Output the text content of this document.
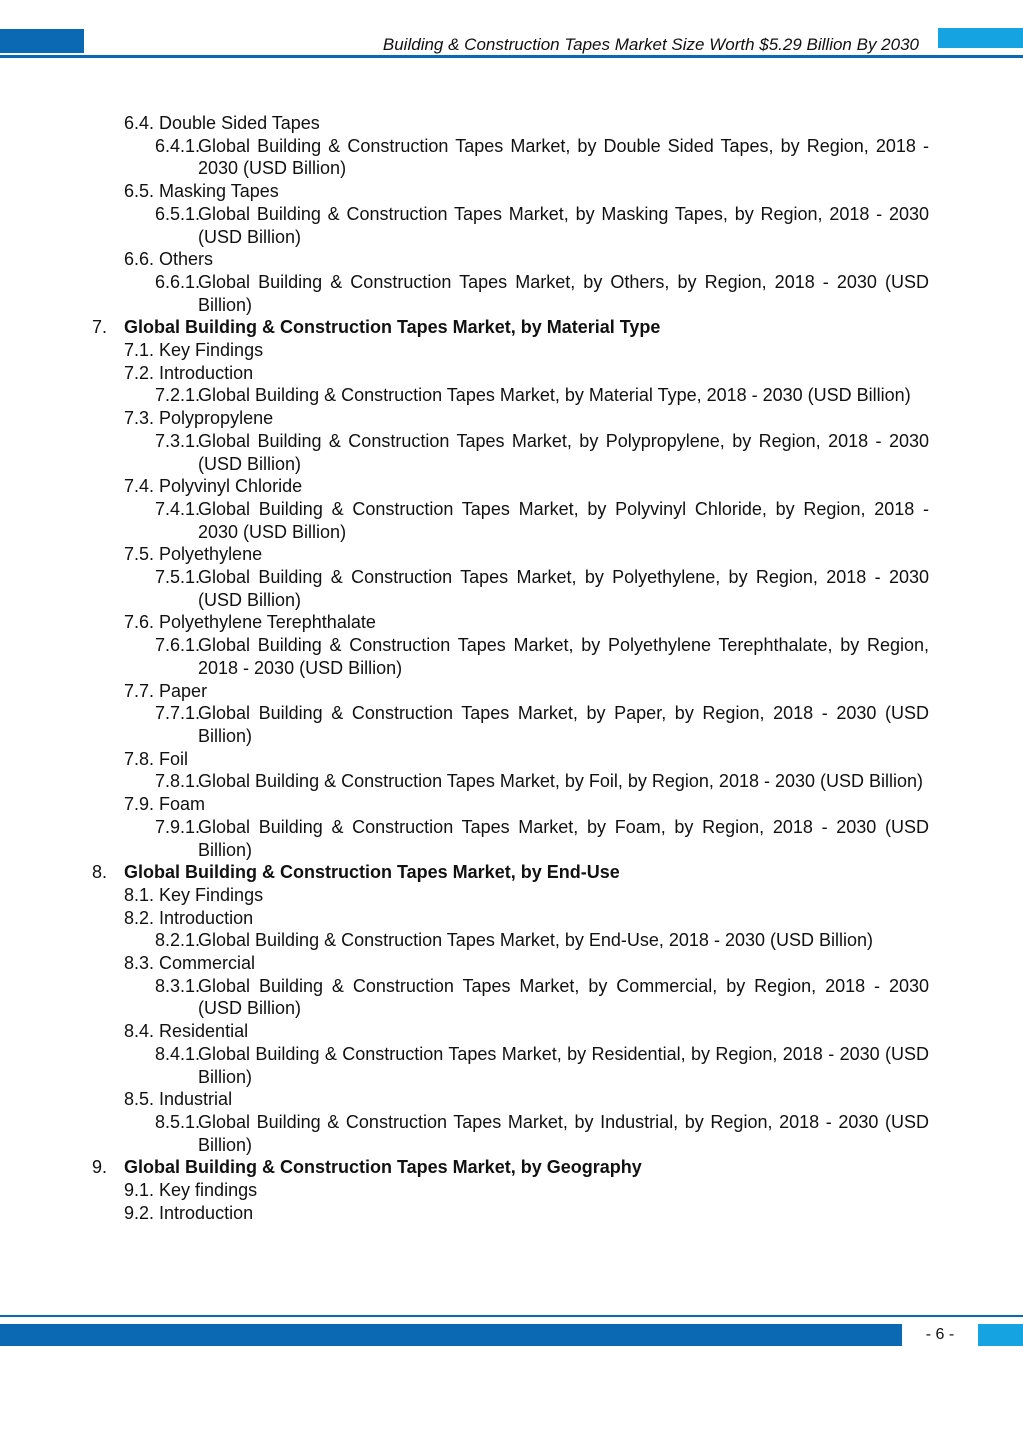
Building & Construction Tapes Market Size Worth $5.29 Billion By 2030
6.4. Double Sided Tapes
6.4.1.
Global Building & Construction Tapes Market, by Double Sided Tapes, by Region, 2018 - 2030 (USD Billion)
6.5. Masking Tapes
6.5.1.
Global Building & Construction Tapes Market, by Masking Tapes, by Region, 2018 - 2030 (USD Billion)
6.6. Others
6.6.1.
Global Building & Construction Tapes Market, by Others, by Region, 2018 - 2030 (USD Billion)
7. Global Building & Construction Tapes Market, by Material Type
7.1. Key Findings
7.2. Introduction
7.2.1.
Global Building & Construction Tapes Market, by Material Type, 2018 - 2030 (USD Billion)
7.3. Polypropylene
7.3.1.
Global Building & Construction Tapes Market, by Polypropylene, by Region, 2018 - 2030 (USD Billion)
7.4. Polyvinyl Chloride
7.4.1.
Global Building & Construction Tapes Market, by Polyvinyl Chloride, by Region, 2018 - 2030 (USD Billion)
7.5. Polyethylene
7.5.1.
Global Building & Construction Tapes Market, by Polyethylene, by Region, 2018 - 2030 (USD Billion)
7.6. Polyethylene Terephthalate
7.6.1.
Global Building & Construction Tapes Market, by Polyethylene Terephthalate, by Region, 2018 - 2030 (USD Billion)
7.7. Paper
7.7.1.
Global Building & Construction Tapes Market, by Paper, by Region, 2018 - 2030 (USD Billion)
7.8. Foil
7.8.1.
Global Building & Construction Tapes Market, by Foil, by Region, 2018 - 2030 (USD Billion)
7.9. Foam
7.9.1.
Global Building & Construction Tapes Market, by Foam, by Region, 2018 - 2030 (USD Billion)
8. Global Building & Construction Tapes Market, by End-Use
8.1. Key Findings
8.2. Introduction
8.2.1.
Global Building & Construction Tapes Market, by End-Use, 2018 - 2030 (USD Billion)
8.3. Commercial
8.3.1.
Global Building & Construction Tapes Market, by Commercial, by Region, 2018 - 2030 (USD Billion)
8.4. Residential
8.4.1.
Global Building & Construction Tapes Market, by Residential, by Region, 2018 - 2030 (USD Billion)
8.5. Industrial
8.5.1.
Global Building & Construction Tapes Market, by Industrial, by Region, 2018 - 2030 (USD Billion)
9. Global Building & Construction Tapes Market, by Geography
9.1. Key findings
9.2. Introduction
- 6 -
